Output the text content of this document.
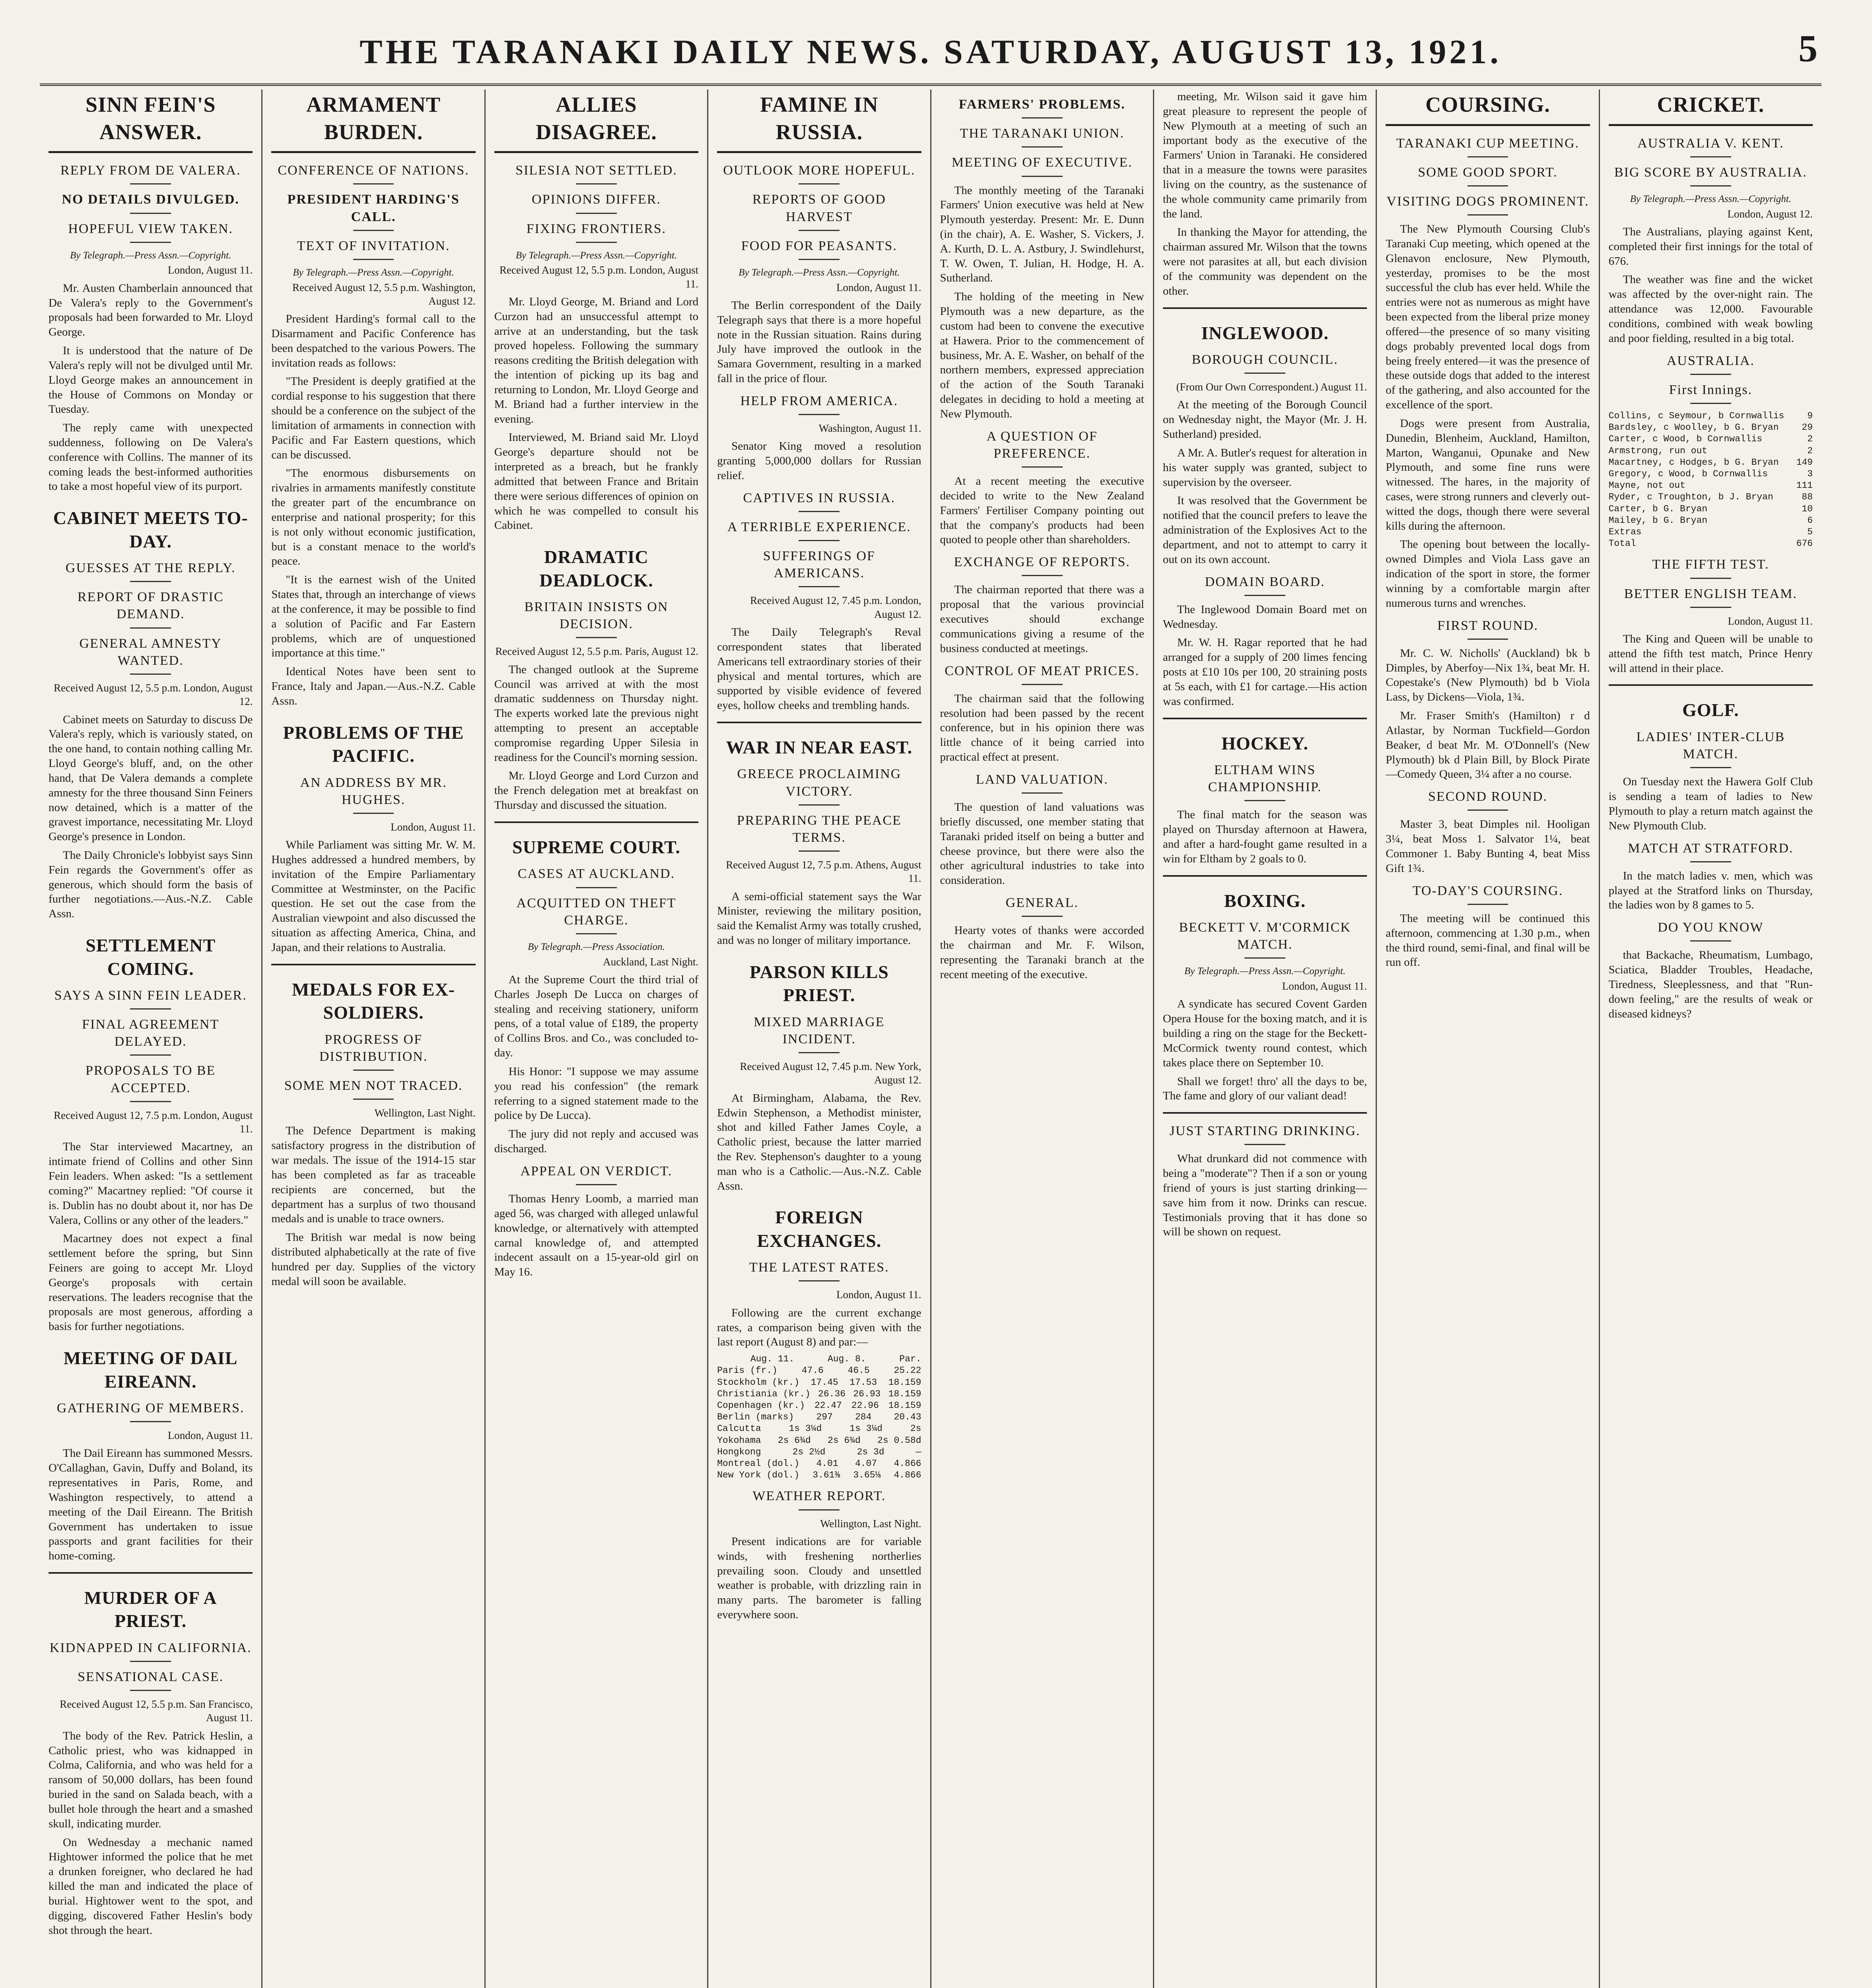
THE TARANAKI DAILY NEWS. SATURDAY, AUGUST 13, 1921.	5
SINN FEIN'S ANSWER.
REPLY FROM DE VALERA.
NO DETAILS DIVULGED.
HOPEFUL VIEW TAKEN.
By Telegraph.—Press Assn.—Copyright.
London, August 11.

Mr. Austen Chamberlain announced that De Valera's reply to the Government's proposals had been forwarded to Mr. Lloyd George.

It is understood that the nature of De Valera's reply will not be divulged until Mr. Lloyd George makes an announcement in the House of Commons on Monday or Tuesday.

The reply came with unexpected suddenness, following on De Valera's conference with Collins. The manner of its coming leads the best-informed authorities to take a most hopeful view of its purport.

CABINET MEETS TO-DAY.
GUESSES AT THE REPLY.
REPORT OF DRASTIC DEMAND.
GENERAL AMNESTY WANTED.
Received August 12, 5.5 p.m. London, August 12.

Cabinet meets on Saturday to discuss De Valera's reply, which is variously stated, on the one hand, to contain nothing calling Mr. Lloyd George's bluff, and, on the other hand, that De Valera demands a complete amnesty for the three thousand Sinn Feiners now detained, which is a matter of the gravest importance, necessitating Mr. Lloyd George's presence in London.

The Daily Chronicle's lobbyist says Sinn Fein regards the Government's offer as generous, which should form the basis of further negotiations.—Aus.-N.Z. Cable Assn.

SETTLEMENT COMING.
SAYS A SINN FEIN LEADER.
FINAL AGREEMENT DELAYED.
PROPOSALS TO BE ACCEPTED.
Received August 12, 7.5 p.m. London, August 11.

The Star interviewed Macartney, an intimate friend of Collins and other Sinn Fein leaders. When asked: "Is a settlement coming?" Macartney replied: "Of course it is. Dublin has no doubt about it, nor has De Valera, Collins or any other of the leaders."

Macartney does not expect a final settlement before the spring, but Sinn Feiners are going to accept Mr. Lloyd George's proposals with certain reservations. The leaders recognise that the proposals are most generous, affording a basis for further negotiations.

MEETING OF DAIL EIREANN.
GATHERING OF MEMBERS.
London, August 11.

The Dail Eireann has summoned Messrs. O'Callaghan, Gavin, Duffy and Boland, its representatives in Paris, Rome, and Washington respectively, to attend a meeting of the Dail Eireann. The British Government has undertaken to issue passports and grant facilities for their home-coming.

MURDER OF A PRIEST.
KIDNAPPED IN CALIFORNIA.
SENSATIONAL CASE.
Received August 12, 5.5 p.m. San Francisco, August 11.

The body of the Rev. Patrick Heslin, a Catholic priest, who was kidnapped in Colma, California, and who was held for a ransom of 50,000 dollars, has been found buried in the sand on Salada beach, with a bullet hole through the heart and a smashed skull, indicating murder.

On Wednesday a mechanic named Hightower informed the police that he met a drunken foreigner, who declared he had killed the man and indicated the place of burial. Hightower went to the spot, and digging, discovered Father Heslin's body shot through the heart.

ARMAMENT BURDEN.
CONFERENCE OF NATIONS.
PRESIDENT HARDING'S CALL.
TEXT OF INVITATION.
By Telegraph.—Press Assn.—Copyright.
Received August 12, 5.5 p.m. Washington, August 12.

President Harding's formal call to the Disarmament and Pacific Conference has been despatched to the various Powers. The invitation reads as follows:

"The President is deeply gratified at the cordial response to his suggestion that there should be a conference on the subject of the limitation of armaments in connection with Pacific and Far Eastern questions, which can be discussed.

"The enormous disbursements on rivalries in armaments manifestly constitute the greater part of the encumbrance on enterprise and national prosperity; for this is not only without economic justification, but is a constant menace to the world's peace.

"It is the earnest wish of the United States that, through an interchange of views at the conference, it may be possible to find a solution of Pacific and Far Eastern problems, which are of unquestioned importance at this time."

Identical Notes have been sent to France, Italy and Japan.—Aus.-N.Z. Cable Assn.

PROBLEMS OF THE PACIFIC.
AN ADDRESS BY MR. HUGHES.
London, August 11.

While Parliament was sitting Mr. W. M. Hughes addressed a hundred members, by invitation of the Empire Parliamentary Committee at Westminster, on the Pacific question. He set out the case from the Australian viewpoint and also discussed the situation as affecting America, China, and Japan, and their relations to Australia.

MEDALS FOR EX-SOLDIERS.
PROGRESS OF DISTRIBUTION.
SOME MEN NOT TRACED.
Wellington, Last Night.

The Defence Department is making satisfactory progress in the distribution of war medals. The issue of the 1914-15 star has been completed as far as traceable recipients are concerned, but the department has a surplus of two thousand medals and is unable to trace owners.

The British war medal is now being distributed alphabetically at the rate of five hundred per day. Supplies of the victory medal will soon be available.

ALLIES DISAGREE.
SILESIA NOT SETTLED.
OPINIONS DIFFER.
FIXING FRONTIERS.
By Telegraph.—Press Assn.—Copyright.
Received August 12, 5.5 p.m. London, August 11.

Mr. Lloyd George, M. Briand and Lord Curzon had an unsuccessful attempt to arrive at an understanding, but the task proved hopeless. Following the summary reasons crediting the British delegation with the intention of picking up its bag and returning to London, Mr. Lloyd George and M. Briand had a further interview in the evening.

Interviewed, M. Briand said Mr. Lloyd George's departure should not be interpreted as a breach, but he frankly admitted that between France and Britain there were serious differences of opinion on which he was compelled to consult his Cabinet.

DRAMATIC DEADLOCK.
BRITAIN INSISTS ON DECISION.
Received August 12, 5.5 p.m. Paris, August 12.

The changed outlook at the Supreme Council was arrived at with the most dramatic suddenness on Thursday night. The experts worked late the previous night attempting to present an acceptable compromise regarding Upper Silesia in readiness for the Council's morning session.

Mr. Lloyd George and Lord Curzon and the French delegation met at breakfast on Thursday and discussed the situation.

SUPREME COURT.
CASES AT AUCKLAND.
ACQUITTED ON THEFT CHARGE.
By Telegraph.—Press Association.
Auckland, Last Night.

At the Supreme Court the third trial of Charles Joseph De Lucca on charges of stealing and receiving stationery, uniform pens, of a total value of £189, the property of Collins Bros. and Co., was concluded to-day.

His Honor: "I suppose we may assume you read his confession" (the remark referring to a signed statement made to the police by De Lucca).

The jury did not reply and accused was discharged.

APPEAL ON VERDICT.

Thomas Henry Loomb, a married man aged 56, was charged with alleged unlawful knowledge, or alternatively with attempted carnal knowledge of, and attempted indecent assault on a 15-year-old girl on May 16.

FAMINE IN RUSSIA.
OUTLOOK MORE HOPEFUL.
REPORTS OF GOOD HARVEST
FOOD FOR PEASANTS.
By Telegraph.—Press Assn.—Copyright.
London, August 11.

The Berlin correspondent of the Daily Telegraph says that there is a more hopeful note in the Russian situation. Rains during July have improved the outlook in the Samara Government, resulting in a marked fall in the price of flour.

HELP FROM AMERICA.
Washington, August 11.

Senator King moved a resolution granting 5,000,000 dollars for Russian relief.

CAPTIVES IN RUSSIA.
A TERRIBLE EXPERIENCE.
SUFFERINGS OF AMERICANS.
Received August 12, 7.45 p.m. London, August 12.

The Daily Telegraph's Reval correspondent states that liberated Americans tell extraordinary stories of their physical and mental tortures, which are supported by visible evidence of fevered eyes, hollow cheeks and trembling hands.

WAR IN NEAR EAST.
GREECE PROCLAIMING VICTORY.
PREPARING THE PEACE TERMS.
Received August 12, 7.5 p.m. Athens, August 11.

A semi-official statement says the War Minister, reviewing the military position, said the Kemalist Army was totally crushed, and was no longer of military importance.

PARSON KILLS PRIEST.
MIXED MARRIAGE INCIDENT.
Received August 12, 7.45 p.m. New York, August 12.

At Birmingham, Alabama, the Rev. Edwin Stephenson, a Methodist minister, shot and killed Father James Coyle, a Catholic priest, because the latter married the Rev. Stephenson's daughter to a young man who is a Catholic.—Aus.-N.Z. Cable Assn.

FOREIGN EXCHANGES.
THE LATEST RATES.
London, August 11.

Following are the current exchange rates, a comparison being given with the last report (August 8) and par:—

Aug. 11.	Aug. 8.	Par.
Paris (fr.)	47.6	46.5	25.22
Stockholm (kr.) 17.45 17.53 18.159
Christiania (kr.) 26.36 26.93 18.159
Copenhagen (kr.) 22.47 22.96 18.159
Berlin (marks) 297 284 20.43
Calcutta	1s 3¼d	1s 3¼d	2s
Yokohama 2s 6¾d 2s 6¾d 2s 0.58d
Hongkong	2s 2½d	2s 3d	—
Montreal (dol.) 4.01 4.07 4.866
New York (dol.) 3.61⅜ 3.65⅛ 4.866
WEATHER REPORT.
Wellington, Last Night.

Present indications are for variable winds, with freshening northerlies prevailing soon. Cloudy and unsettled weather is probable, with drizzling rain in many parts. The barometer is falling everywhere soon.

FARMERS' PROBLEMS.
THE TARANAKI UNION.
MEETING OF EXECUTIVE.

The monthly meeting of the Taranaki Farmers' Union executive was held at New Plymouth yesterday. Present: Mr. E. Dunn (in the chair), A. E. Washer, S. Vickers, J. A. Kurth, D. L. A. Astbury, J. Swindlehurst, T. W. Owen, T. Julian, H. Hodge, H. A. Sutherland.

The holding of the meeting in New Plymouth was a new departure, as the custom had been to convene the executive at Hawera. Prior to the commencement of business, Mr. A. E. Washer, on behalf of the northern members, expressed appreciation of the action of the South Taranaki delegates in deciding to hold a meeting at New Plymouth.

A QUESTION OF PREFERENCE.

At a recent meeting the executive decided to write to the New Zealand Farmers' Fertiliser Company pointing out that the company's products had been quoted to people other than shareholders.

EXCHANGE OF REPORTS.

The chairman reported that there was a proposal that the various provincial executives should exchange communications giving a resume of the business conducted at meetings.

CONTROL OF MEAT PRICES.

The chairman said that the following resolution had been passed by the recent conference, but in his opinion there was little chance of it being carried into practical effect at present.

LAND VALUATION.

The question of land valuations was briefly discussed, one member stating that Taranaki prided itself on being a butter and cheese province, but there were also the other agricultural industries to take into consideration.

GENERAL.

Hearty votes of thanks were accorded the chairman and Mr. F. Wilson, representing the Taranaki branch at the recent meeting of the executive.

meeting, Mr. Wilson said it gave him great pleasure to represent the people of New Plymouth at a meeting of such an important body as the executive of the Farmers' Union in Taranaki. He considered that in a measure the towns were parasites living on the country, as the sustenance of the whole community came primarily from the land.

In thanking the Mayor for attending, the chairman assured Mr. Wilson that the towns were not parasites at all, but each division of the community was dependent on the other.

INGLEWOOD.
BOROUGH COUNCIL.
(From Our Own Correspondent.) August 11.

At the meeting of the Borough Council on Wednesday night, the Mayor (Mr. J. H. Sutherland) presided.

A Mr. A. Butler's request for alteration in his water supply was granted, subject to supervision by the overseer.

It was resolved that the Government be notified that the council prefers to leave the administration of the Explosives Act to the department, and not to attempt to carry it out on its own account.

DOMAIN BOARD.

The Inglewood Domain Board met on Wednesday.

Mr. W. H. Ragar reported that he had arranged for a supply of 200 limes fencing posts at £10 10s per 100, 20 straining posts at 5s each, with £1 for cartage.—His action was confirmed.

HOCKEY.
ELTHAM WINS CHAMPIONSHIP.

The final match for the season was played on Thursday afternoon at Hawera, and after a hard-fought game resulted in a win for Eltham by 2 goals to 0.

BOXING.
BECKETT V. M'CORMICK MATCH.
By Telegraph.—Press Assn.—Copyright.
London, August 11.

A syndicate has secured Covent Garden Opera House for the boxing match, and it is building a ring on the stage for the Beckett-McCormick twenty round contest, which takes place there on September 10.

Shall we forget! thro' all the days to be, The fame and glory of our valiant dead!

JUST STARTING DRINKING.

What drunkard did not commence with being a "moderate"? Then if a son or young friend of yours is just starting drinking—save him from it now. Drinks can rescue. Testimonials proving that it has done so will be shown on request.

COURSING.
TARANAKI CUP MEETING.
SOME GOOD SPORT.
VISITING DOGS PROMINENT.

The New Plymouth Coursing Club's Taranaki Cup meeting, which opened at the Glenavon enclosure, New Plymouth, yesterday, promises to be the most successful the club has ever held. While the entries were not as numerous as might have been expected from the liberal prize money offered—the presence of so many visiting dogs probably prevented local dogs from being freely entered—it was the presence of these outside dogs that added to the interest of the gathering, and also accounted for the excellence of the sport.

Dogs were present from Australia, Dunedin, Blenheim, Auckland, Hamilton, Marton, Wanganui, Opunake and New Plymouth, and some fine runs were witnessed. The hares, in the majority of cases, were strong runners and cleverly out-witted the dogs, though there were several kills during the afternoon.

The opening bout between the locally-owned Dimples and Viola Lass gave an indication of the sport in store, the former winning by a comfortable margin after numerous turns and wrenches.

FIRST ROUND.

Mr. C. W. Nicholls' (Auckland) bk b Dimples, by Aberfoy—Nix 1¾, beat Mr. H. Copestake's (New Plymouth) bd b Viola Lass, by Dickens—Viola, 1¾.

Mr. Fraser Smith's (Hamilton) r d Atlastar, by Norman Tuckfield—Gordon Beaker, d beat Mr. M. O'Donnell's (New Plymouth) bk d Plain Bill, by Block Pirate—Comedy Queen, 3¼ after a no course.

SECOND ROUND.

Master 3, beat Dimples nil. Hooligan 3¼, beat Moss 1. Salvator 1¼, beat Commoner 1. Baby Bunting 4, beat Miss Gift 1¾.

TO-DAY'S COURSING.

The meeting will be continued this afternoon, commencing at 1.30 p.m., when the third round, semi-final, and final will be run off.

CRICKET.
AUSTRALIA V. KENT.
BIG SCORE BY AUSTRALIA.
By Telegraph.—Press Assn.—Copyright.
London, August 12.

The Australians, playing against Kent, completed their first innings for the total of 676.

The weather was fine and the wicket was affected by the over-night rain. The attendance was 12,000. Favourable conditions, combined with weak bowling and poor fielding, resulted in a big total.

AUSTRALIA.
First Innings.
Collins, c Seymour, b Cornwallis	9
Bardsley, c Woolley, b G. Bryan	29
Carter, c Wood, b Cornwallis	2
Armstrong, run out	2
Macartney, c Hodges, b G. Bryan 149
Gregory, c Wood, b Cornwallis	3
Mayne, not out	111
Ryder, c Troughton, b J. Bryan	88
Carter, b G. Bryan	10
Mailey, b G. Bryan	6
Extras	5
Total	676
THE FIFTH TEST.
BETTER ENGLISH TEAM.
London, August 11.

The King and Queen will be unable to attend the fifth test match, Prince Henry will attend in their place.

GOLF.
LADIES' INTER-CLUB MATCH.

On Tuesday next the Hawera Golf Club is sending a team of ladies to New Plymouth to play a return match against the New Plymouth Club.

MATCH AT STRATFORD.

In the match ladies v. men, which was played at the Stratford links on Thursday, the ladies won by 8 games to 5.

DO YOU KNOW

that Backache, Rheumatism, Lumbago, Sciatica, Bladder Troubles, Headache, Tiredness, Sleeplessness, and that "Run-down feeling," are the results of weak or diseased kidneys?
